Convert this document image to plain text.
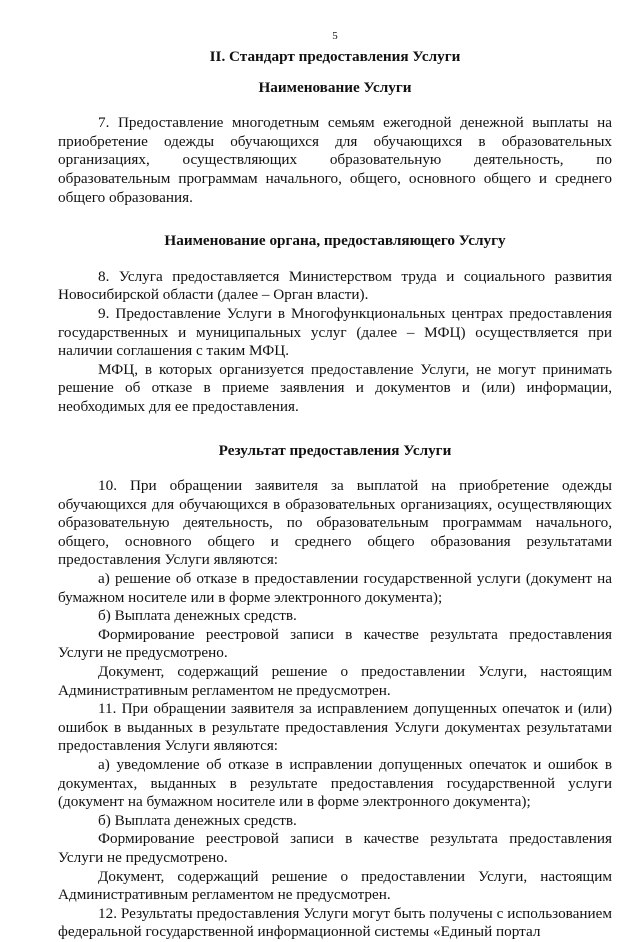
5

II. Стандарт предоставления Услуги

Наименование Услуги

7. Предоставление многодетным семьям ежегодной денежной выплаты на приобретение одежды обучающихся для обучающихся в образовательных организациях, осуществляющих образовательную деятельность, по образовательным программам начального, общего, основного общего и среднего общего образования.

Наименование органа, предоставляющего Услугу

8. Услуга предоставляется Министерством труда и социального развития Новосибирской области (далее – Орган власти).

9. Предоставление Услуги в Многофункциональных центрах предоставления государственных и муниципальных услуг (далее – МФЦ) осуществляется при наличии соглашения с таким МФЦ.

МФЦ, в которых организуется предоставление Услуги, не могут принимать решение об отказе в приеме заявления и документов и (или) информации, необходимых для ее предоставления.

Результат предоставления Услуги

10. При обращении заявителя за выплатой на приобретение одежды обучающихся для обучающихся в образовательных организациях, осуществляющих образовательную деятельность, по образовательным программам начального, общего, основного общего и среднего общего образования результатами предоставления Услуги являются:

а) решение об отказе в предоставлении государственной услуги (документ на бумажном носителе или в форме электронного документа);

б) Выплата денежных средств.

Формирование реестровой записи в качестве результата предоставления Услуги не предусмотрено.

Документ, содержащий решение о предоставлении Услуги, настоящим Административным регламентом не предусмотрен.

11. При обращении заявителя за исправлением допущенных опечаток и (или) ошибок в выданных в результате предоставления Услуги документах результатами предоставления Услуги являются:

а) уведомление об отказе в исправлении допущенных опечаток и ошибок в документах, выданных в результате предоставления государственной услуги (документ на бумажном носителе или в форме электронного документа);

б) Выплата денежных средств.

Формирование реестровой записи в качестве результата предоставления Услуги не предусмотрено.

Документ, содержащий решение о предоставлении Услуги, настоящим Административным регламентом не предусмотрен.

12. Результаты предоставления Услуги могут быть получены с использованием федеральной государственной информационной системы «Единый портал
